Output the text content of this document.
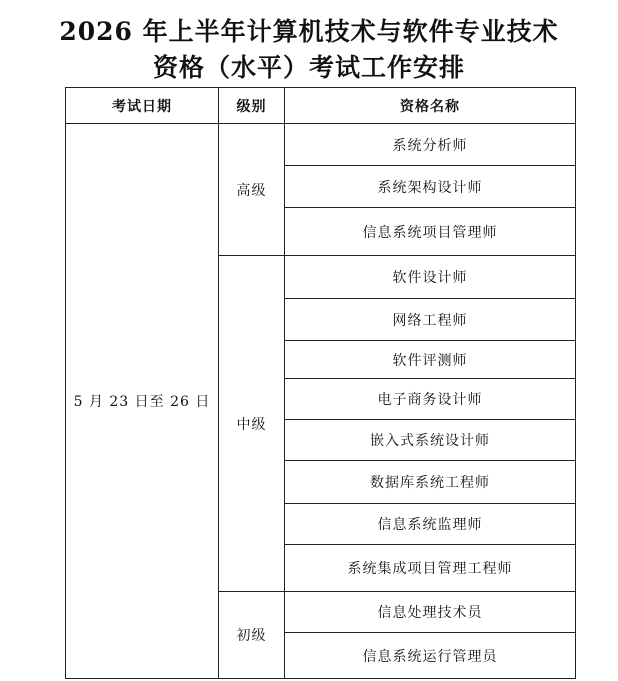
2026 年上半年计算机技术与软件专业技术
资格（水平）考试工作安排
考试日期	级别	资格名称
5 月 23 日至 26 日	高级	系统分析师
		系统架构设计师
		信息系统项目管理师
	中级	软件设计师
		网络工程师
		软件评测师
		电子商务设计师
		嵌入式系统设计师
		数据库系统工程师
		信息系统监理师
		系统集成项目管理工程师
	初级	信息处理技术员
		信息系统运行管理员
